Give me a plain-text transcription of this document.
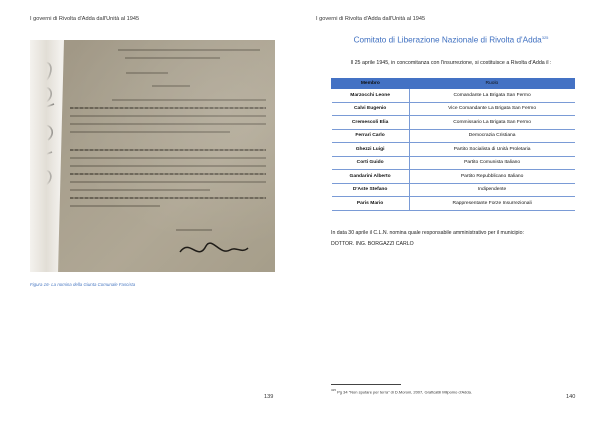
I governi di Rivolta d'Adda dall'Unità al 1945
Figura 16- La nomina della Giunta Comunale Fascista
139
I governi di Rivolta d'Adda dall'Unità al 1945
Comitato di Liberazione Nazionale di Rivolta d'Adda$^{325}$
Il 25 aprile 1945, in concomitanza con l'insurrezione, si costituisce a Rivolta d'Adda il :
Membro	Ruolo
Marzocchi Leone	Comandante La Brigata San Fermo
Calvi Eugenio	Vice Comandante La Brigata San Fermo
Cremescoli Elia	Commissario La Brigata San Fermo
Ferrari Carlo	Democrazia Cristiana
Ghezzi Luigi	Partito Socialista di Unità Proletaria
Corti Guido	Partito Comunista Italiano
Gandarini Alberto	Partito Repubblicano Italiano
D'Aste Stefano	Indipendente
Paris Mario	Rappresentante Forze Insurrezionali
In data 30 aprile il C.L.N. nomina quale responsabile amministrativo per il municipio:
DOTTOR. ING. BORGAZZI CARLO
$^{325}$ Pg 34 "Non sputare per terra" di D.Moroni, 2007, Graficatiii Milpomo d'Adda.
140
